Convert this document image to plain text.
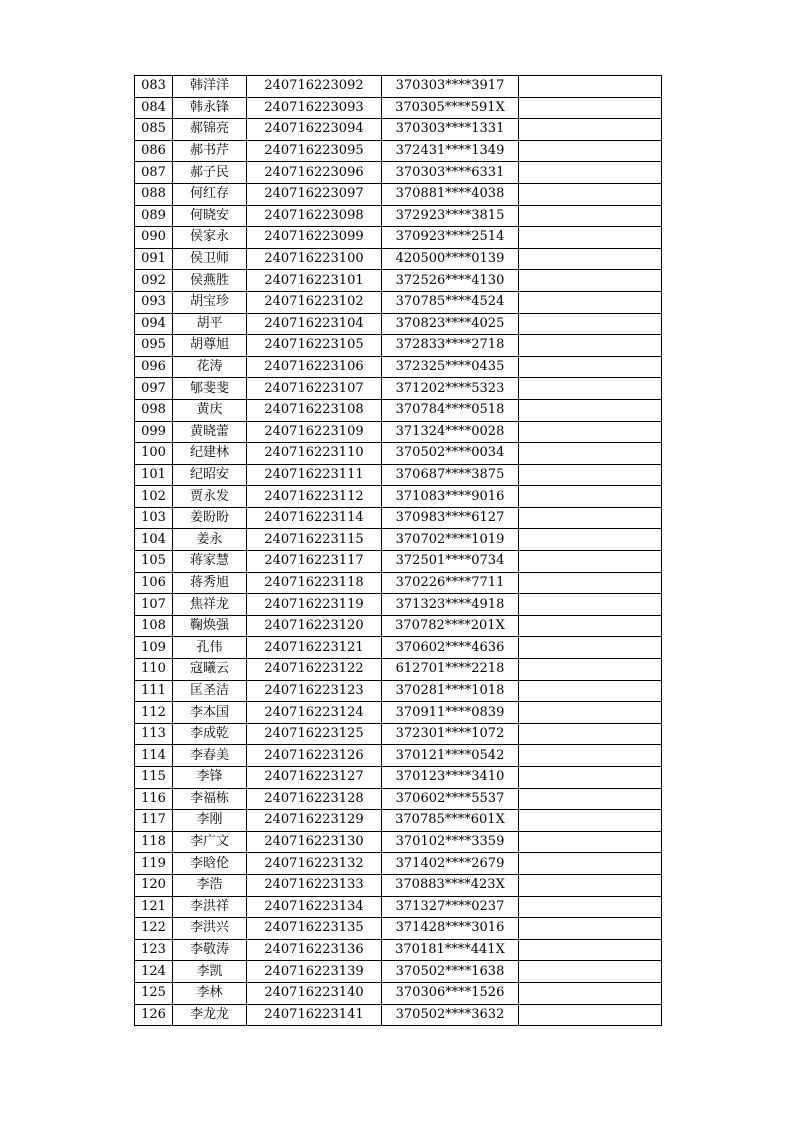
083	韩洋洋	240716223092	370303****3917	
084	韩永锋	240716223093	370305****591X	
085	郝锦亮	240716223094	370303****1331	
086	郝书芹	240716223095	372431****1349	
087	郝子民	240716223096	370303****6331	
088	何红存	240716223097	370881****4038	
089	何晓安	240716223098	372923****3815	
090	侯家永	240716223099	370923****2514	
091	侯卫师	240716223100	420500****0139	
092	侯燕胜	240716223101	372526****4130	
093	胡宝珍	240716223102	370785****4524	
094	胡平	240716223104	370823****4025	
095	胡尊旭	240716223105	372833****2718	
096	花涛	240716223106	372325****0435	
097	郇斐斐	240716223107	371202****5323	
098	黄庆	240716223108	370784****0518	
099	黄晓蕾	240716223109	371324****0028	
100	纪建林	240716223110	370502****0034	
101	纪昭安	240716223111	370687****3875	
102	贾永发	240716223112	371083****9016	
103	姜盼盼	240716223114	370983****6127	
104	姜永	240716223115	370702****1019	
105	蒋家慧	240716223117	372501****0734	
106	蒋秀旭	240716223118	370226****7711	
107	焦祥龙	240716223119	371323****4918	
108	鞠焕强	240716223120	370782****201X	
109	孔伟	240716223121	370602****4636	
110	寇曦云	240716223122	612701****2218	
111	匡圣洁	240716223123	370281****1018	
112	李本国	240716223124	370911****0839	
113	李成乾	240716223125	372301****1072	
114	李春美	240716223126	370121****0542	
115	李锋	240716223127	370123****3410	
116	李福栋	240716223128	370602****5537	
117	李刚	240716223129	370785****601X	
118	李广文	240716223130	370102****3359	
119	李晗伦	240716223132	371402****2679	
120	李浩	240716223133	370883****423X	
121	李洪祥	240716223134	371327****0237	
122	李洪兴	240716223135	371428****3016	
123	李敬涛	240716223136	370181****441X	
124	李凯	240716223139	370502****1638	
125	李林	240716223140	370306****1526	
126	李龙龙	240716223141	370502****3632	
